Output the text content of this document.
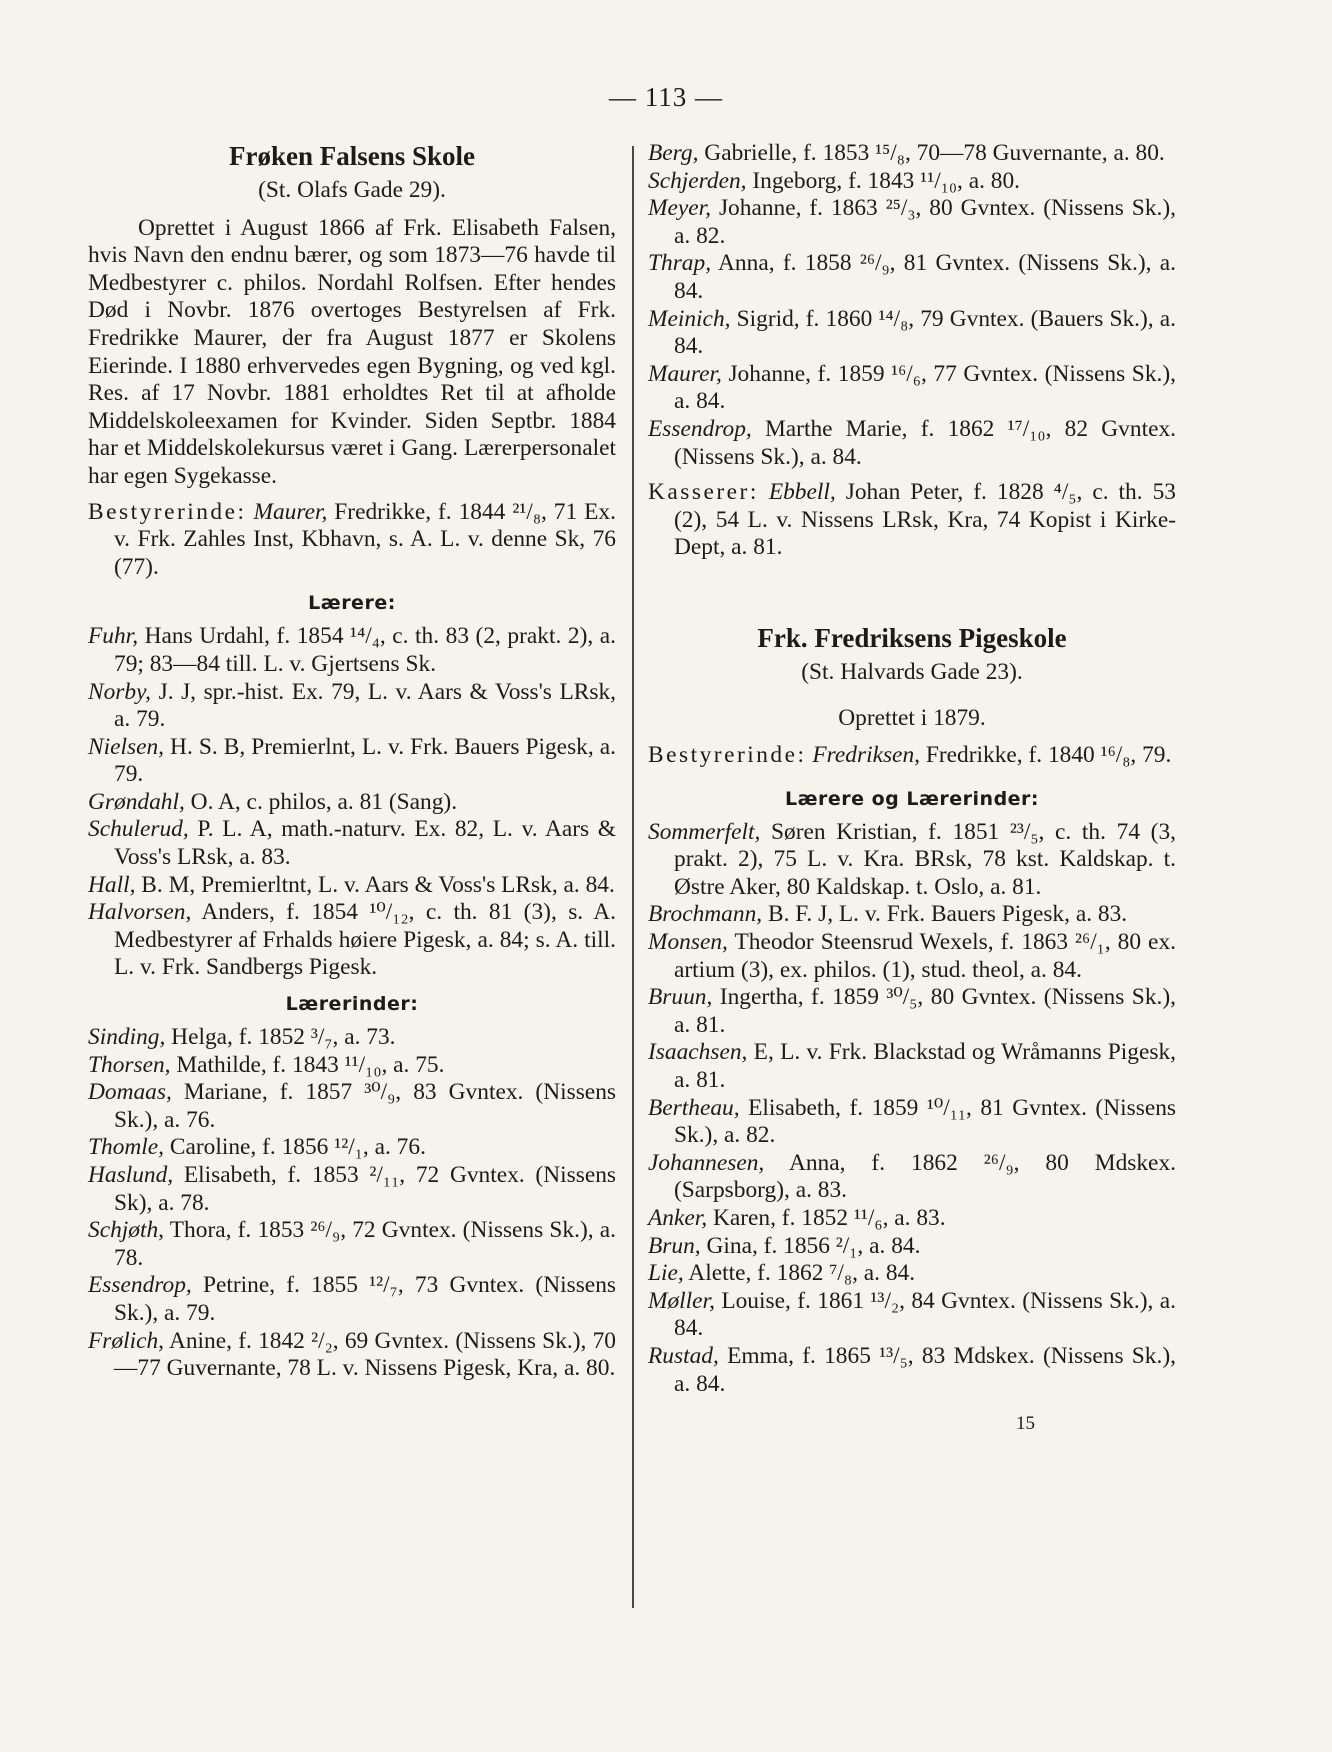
— 113 —
Frøken Falsens Skole
(St. Olafs Gade 29).
Oprettet i August 1866 af Frk. Elisabeth Falsen, hvis Navn den endnu bærer, og som 1873—76 havde til Medbestyrer c. philos. Nordahl Rolfsen. Efter hendes Død i Novbr. 1876 overtoges Bestyrelsen af Frk. Fredrikke Maurer, der fra August 1877 er Skolens Eierinde. I 1880 erhvervedes egen Bygning, og ved kgl. Res. af 17 Novbr. 1881 erholdtes Ret til at afholde Middelskoleexamen for Kvinder. Siden Septbr. 1884 har et Middelskolekursus været i Gang. Lærerpersonalet har egen Sygekasse.
Bestyrerinde: Maurer, Fredrikke, f. 1844 ²¹/₈, 71 Ex. v. Frk. Zahles Inst, Kbhavn, s. A. L. v. denne Sk, 76 (77).
Lærere:
Fuhr, Hans Urdahl, f. 1854 ¹⁴/₄, c. th. 83 (2, prakt. 2), a. 79; 83—84 till. L. v. Gjertsens Sk.
Norby, J. J, spr.-hist. Ex. 79, L. v. Aars & Voss's LRsk, a. 79.
Nielsen, H. S. B, Premierlnt, L. v. Frk. Bauers Pigesk, a. 79.
Grøndahl, O. A, c. philos, a. 81 (Sang).
Schulerud, P. L. A, math.-naturv. Ex. 82, L. v. Aars & Voss's LRsk, a. 83.
Hall, B. M, Premierltnt, L. v. Aars & Voss's LRsk, a. 84.
Halvorsen, Anders, f. 1854 ¹⁰/₁₂, c. th. 81 (3), s. A. Medbestyrer af Frhalds høiere Pigesk, a. 84; s. A. till. L. v. Frk. Sandbergs Pigesk.
Lærerinder:
Sinding, Helga, f. 1852 ³/₇, a. 73.
Thorsen, Mathilde, f. 1843 ¹¹/₁₀, a. 75.
Domaas, Mariane, f. 1857 ³⁰/₉, 83 Gvntex. (Nissens Sk.), a. 76.
Thomle, Caroline, f. 1856 ¹²/₁, a. 76.
Haslund, Elisabeth, f. 1853 ²/₁₁, 72 Gvntex. (Nissens Sk), a. 78.
Schjøth, Thora, f. 1853 ²⁶/₉, 72 Gvntex. (Nissens Sk.), a. 78.
Essendrop, Petrine, f. 1855 ¹²/₇, 73 Gvntex. (Nissens Sk.), a. 79.
Frølich, Anine, f. 1842 ²/₂, 69 Gvntex. (Nissens Sk.), 70—77 Guvernante, 78 L. v. Nissens Pigesk, Kra, a. 80.
Berg, Gabrielle, f. 1853 ¹⁵/₈, 70—78 Guvernante, a. 80.
Schjerden, Ingeborg, f. 1843 ¹¹/₁₀, a. 80.
Meyer, Johanne, f. 1863 ²⁵/₃, 80 Gvntex. (Nissens Sk.), a. 82.
Thrap, Anna, f. 1858 ²⁶/₉, 81 Gvntex. (Nissens Sk.), a. 84.
Meinich, Sigrid, f. 1860 ¹⁴/₈, 79 Gvntex. (Bauers Sk.), a. 84.
Maurer, Johanne, f. 1859 ¹⁶/₆, 77 Gvntex. (Nissens Sk.), a. 84.
Essendrop, Marthe Marie, f. 1862 ¹⁷/₁₀, 82 Gvntex. (Nissens Sk.), a. 84.
Kasserer: Ebbell, Johan Peter, f. 1828 ⁴/₅, c. th. 53 (2), 54 L. v. Nissens LRsk, Kra, 74 Kopist i Kirke-Dept, a. 81.
Frk. Fredriksens Pigeskole
(St. Halvards Gade 23).
Oprettet i 1879.
Bestyrerinde: Fredriksen, Fredrikke, f. 1840 ¹⁶/₈, 79.
Lærere og Lærerinder:
Sommerfelt, Søren Kristian, f. 1851 ²³/₅, c. th. 74 (3, prakt. 2), 75 L. v. Kra. BRsk, 78 kst. Kaldskap. t. Østre Aker, 80 Kaldskap. t. Oslo, a. 81.
Brochmann, B. F. J, L. v. Frk. Bauers Pigesk, a. 83.
Monsen, Theodor Steensrud Wexels, f. 1863 ²⁶/₁, 80 ex. artium (3), ex. philos. (1), stud. theol, a. 84.
Bruun, Ingertha, f. 1859 ³⁰/₅, 80 Gvntex. (Nissens Sk.), a. 81.
Isaachsen, E, L. v. Frk. Blackstad og Wråmanns Pigesk, a. 81.
Bertheau, Elisabeth, f. 1859 ¹⁰/₁₁, 81 Gvntex. (Nissens Sk.), a. 82.
Johannesen, Anna, f. 1862 ²⁶/₉, 80 Mdskex. (Sarpsborg), a. 83.
Anker, Karen, f. 1852 ¹¹/₆, a. 83.
Brun, Gina, f. 1856 ²/₁, a. 84.
Lie, Alette, f. 1862 ⁷/₈, a. 84.
Møller, Louise, f. 1861 ¹³/₂, 84 Gvntex. (Nissens Sk.), a. 84.
Rustad, Emma, f. 1865 ¹³/₅, 83 Mdskex. (Nissens Sk.), a. 84.
15
